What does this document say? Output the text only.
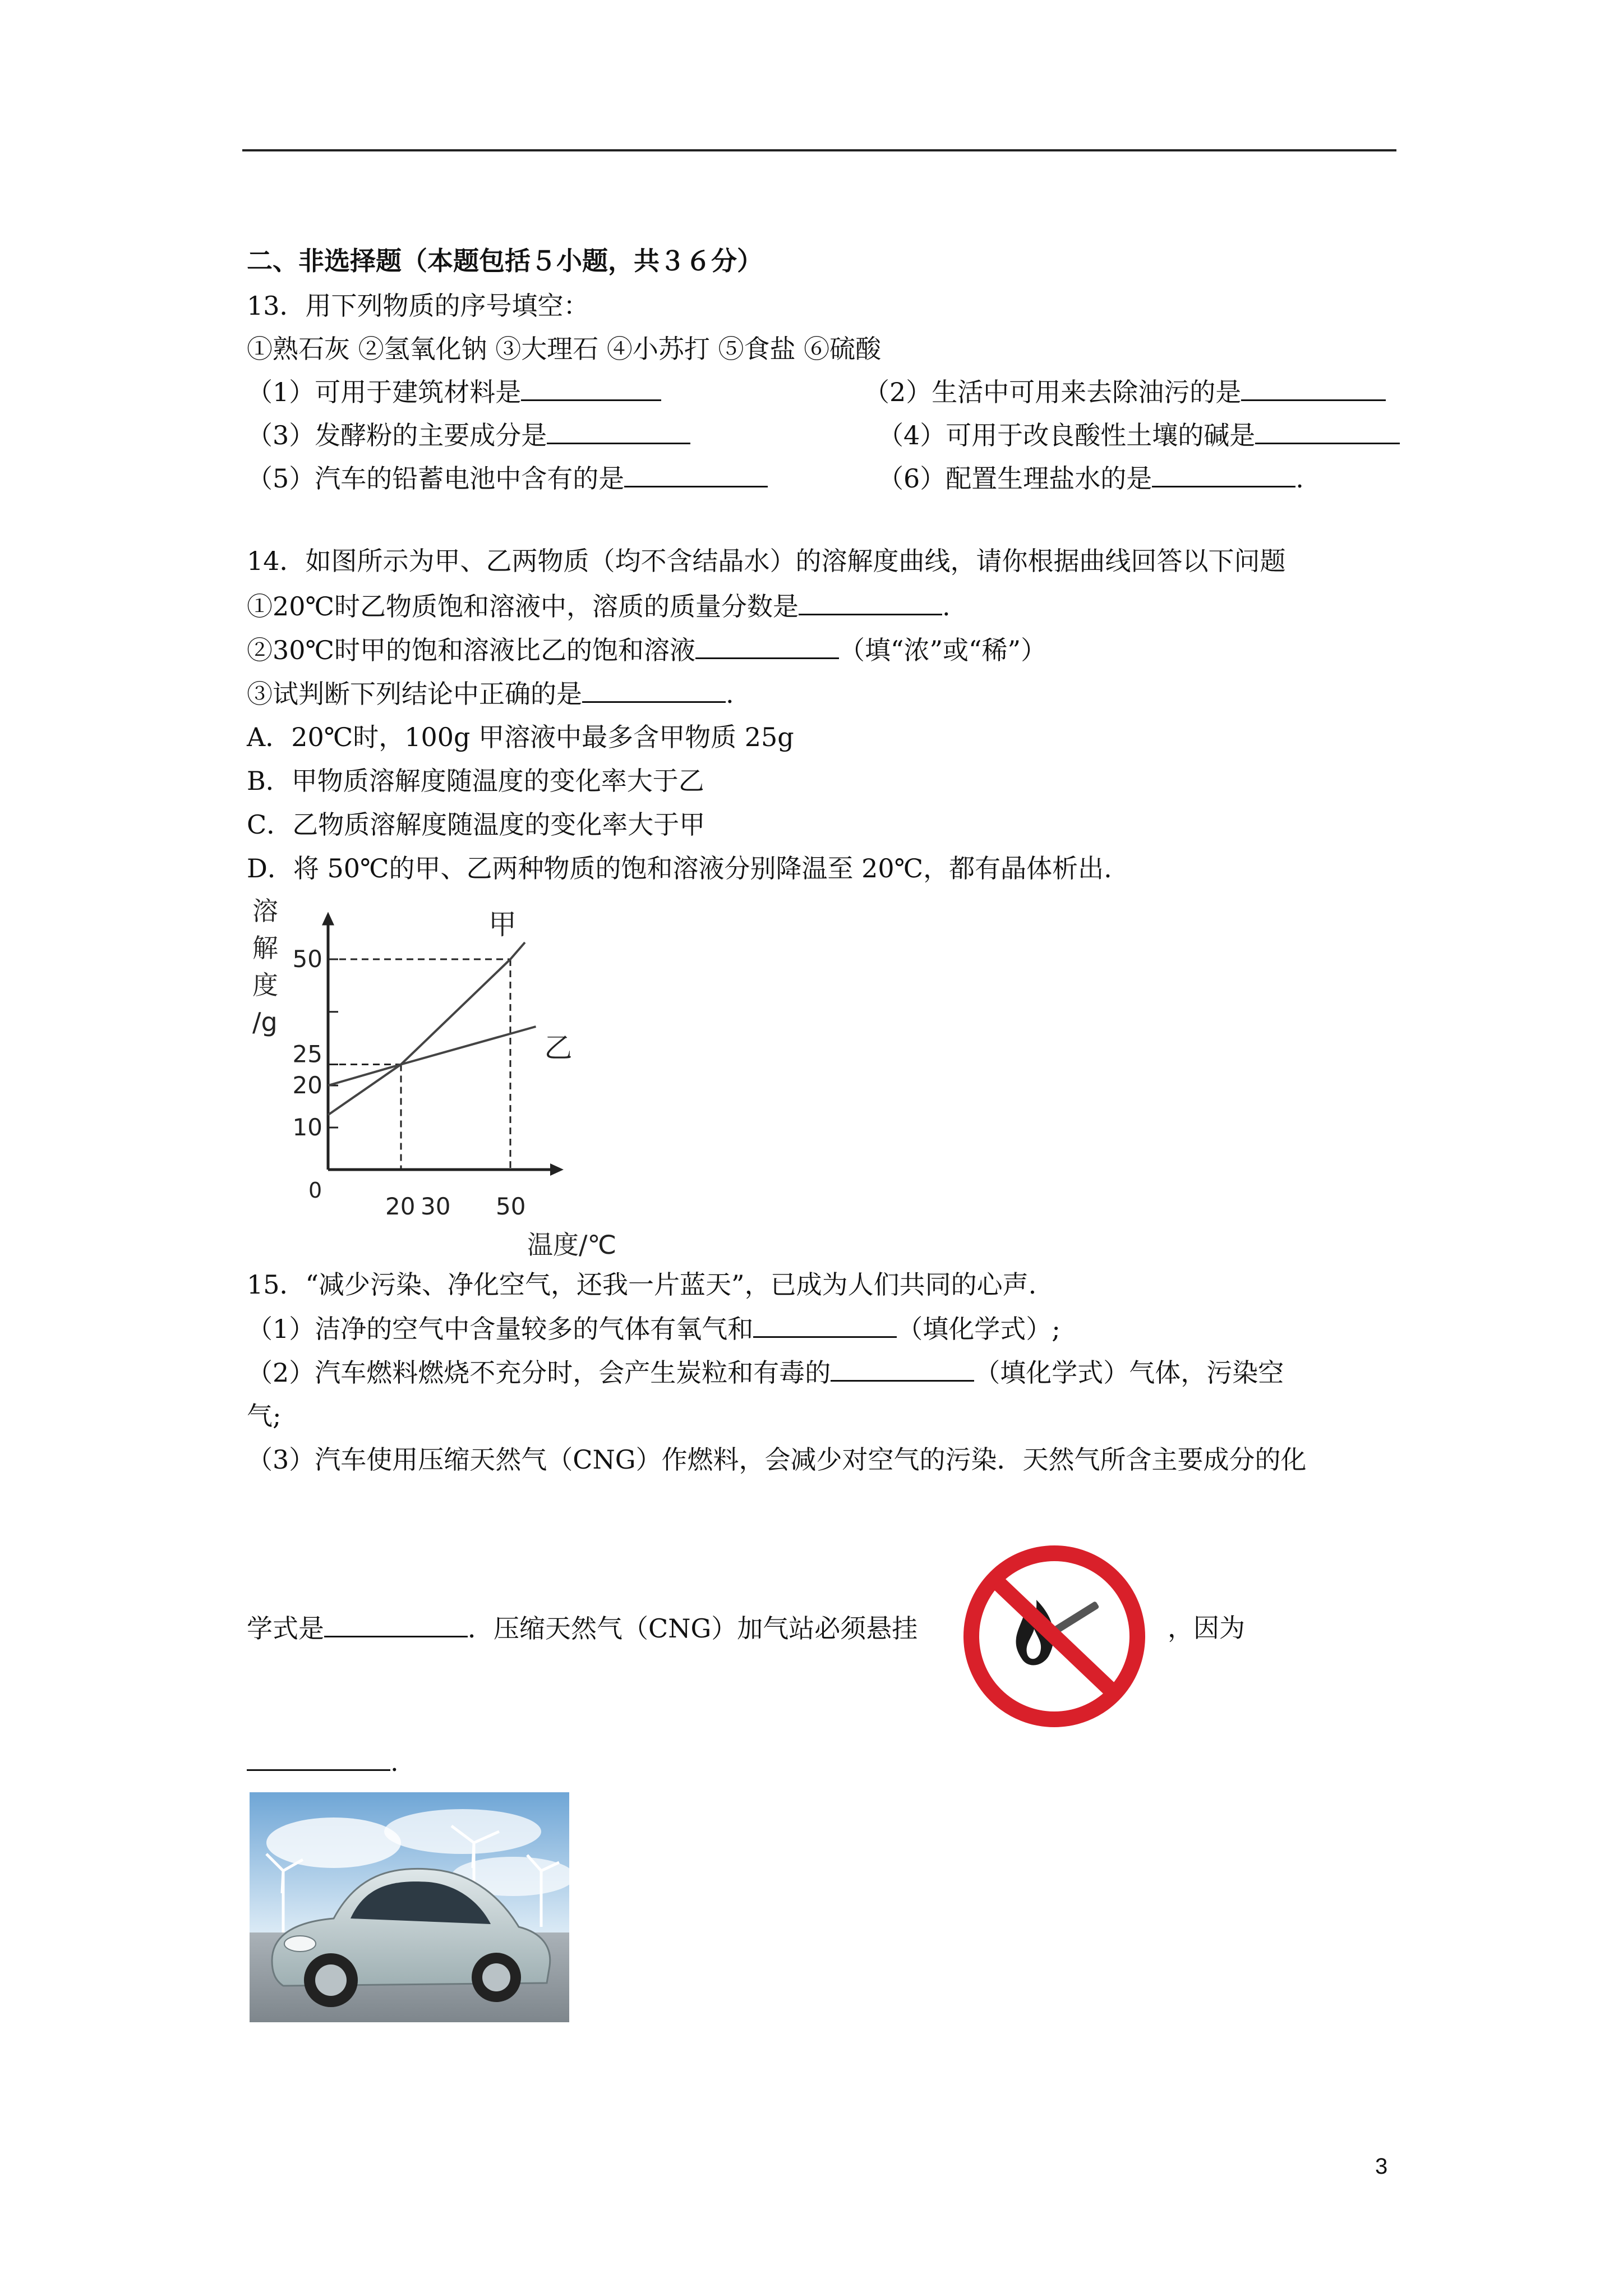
二、非选择题（本题包括５小题，共３６分）
13．用下列物质的序号填空：
①熟石灰 ②氢氧化钠 ③大理石 ④小苏打 ⑤食盐 ⑥硫酸
（1）可用于建筑材料是	（2）生活中可用来去除油污的是
（3）发酵粉的主要成分是	（4）可用于改良酸性土壤的碱是
（5）汽车的铅蓄电池中含有的是	（6）配置生理盐水的是	.
14．如图所示为甲、乙两物质（均不含结晶水）的溶解度曲线，请你根据曲线回答以下问题
①20℃时乙物质饱和溶液中，溶质的质量分数是	.
②30℃时甲的饱和溶液比乙的饱和溶液	（填“浓”或“稀”）
③试判断下列结论中正确的是	.
A．20℃时，100g 甲溶液中最多含甲物质 25g
B．甲物质溶解度随温度的变化率大于乙
C．乙物质溶解度随温度的变化率大于甲
D．将 50℃的甲、乙两种物质的饱和溶液分别降温至 20℃，都有晶体析出.
10
20
25
50
20 30 50
0
温度/℃
溶
解
度
/g
甲
乙
15．“减少污染、净化空气，还我一片蓝天”，已成为人们共同的心声.
（1）洁净的空气中含量较多的气体有氧气和	（填化学式）;
（2）汽车燃料燃烧不充分时，会产生炭粒和有毒的	（填化学式）气体，污染空
气;
（3）汽车使用压缩天然气（CNG）作燃料，会减少对空气的污染．天然气所含主要成分的化
学式是	．压缩天然气（CNG）加气站必须悬挂	，因为
.
3
